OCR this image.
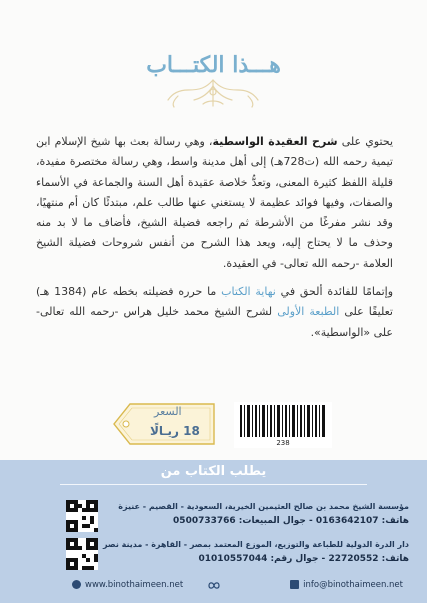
هـــذا الكتـــاب

يحتوي على شرح العقيدة الواسطية، وهي رسالة بعث بها شيخ الإسلام ابن تيمية رحمه الله (ت728هـ) إلى أهل مدينة واسط، وهي رسالة مختصرة مفيدة، قليلة اللفظ كثيرة المعنى، وتعدُّ خلاصة عقيدة أهل السنة والجماعة في الأسماء والصفات، وفيها فوائد عظيمة لا يستغني عنها طالب علم، مبتدئًا كان أم منتهيًا، وقد نشر مفرغًا من الأشرطة ثم راجعه فضيلة الشيخ، فأضاف ما لا بد منه وحذف ما لا يحتاج إليه، ويعد هذا الشرح من أنفس شروحات فضيلة الشيخ العلامة -رحمه الله تعالى- في العقيدة.

وإتمامًا للفائدة ألحق في نهاية الكتاب ما حرره فضيلته بخطه عام (1384 هـ) تعليقًا على الطبعة الأولى لشرح الشيخ محمد خليل هراس -رحمه الله تعالى- على «الواسطية».

السعر
18 ريـالًا
238
يطلب الكتاب من
مؤسسة الشيخ محمد بن صالح العثيمين الخيرية، السعودية - القصيم - عنيزة
هاتف: 0163642107 - جوال المبيعات: 0500733766
دار الدرة الدولية للطباعة والتوزيع، الموزع المعتمد بمصر - القاهرة - مدينة نصر
هاتف: 22720552 - جوال رقم: 01010557044
www.binothaimeen.net	info@binothaimeen.net
